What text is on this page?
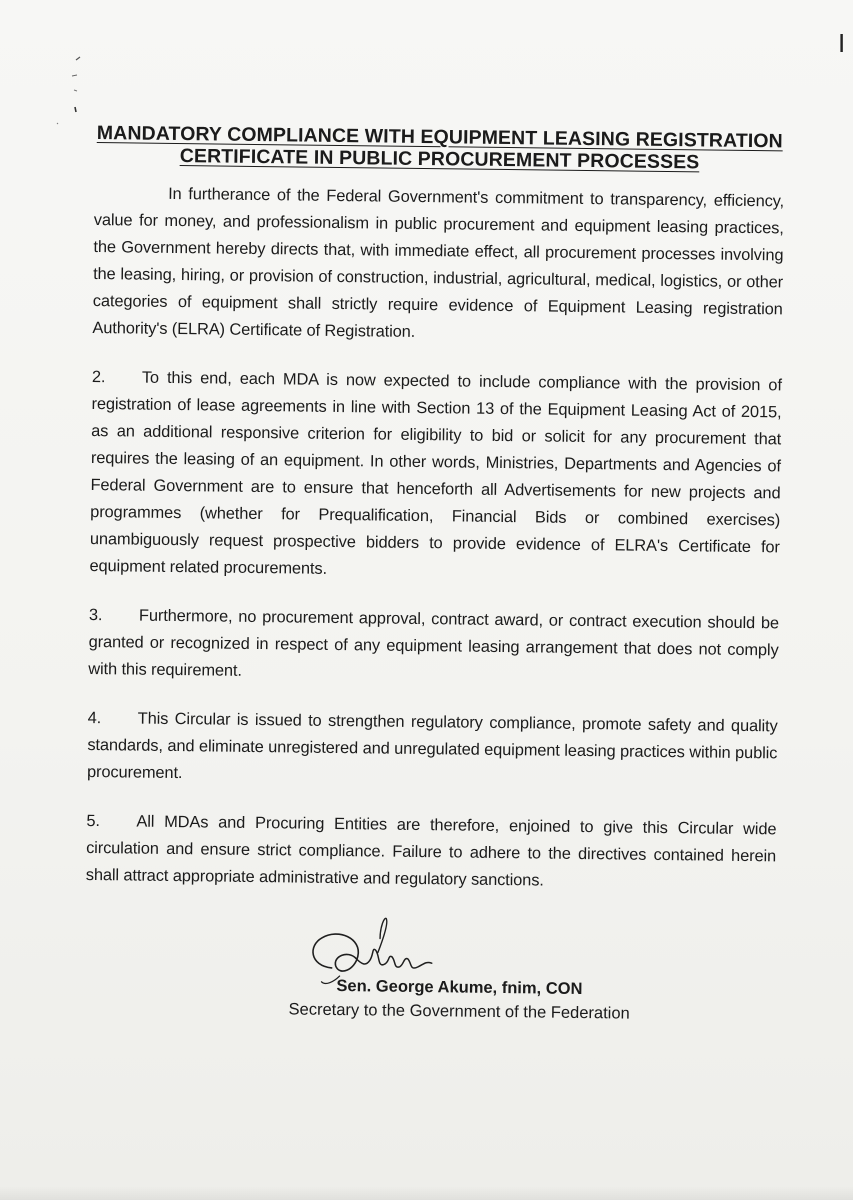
I
MANDATORY COMPLIANCE WITH EQUIPMENT LEASING REGISTRATION
CERTIFICATE IN PUBLIC PROCUREMENT PROCESSES

In furtherance of the Federal Government's commitment to transparency, efficiency, value for money, and professionalism in public procurement and equipment leasing practices, the Government hereby directs that, with immediate effect, all procurement processes involving the leasing, hiring, or provision of construction, industrial, agricultural, medical, logistics, or other categories of equipment shall strictly require evidence of Equipment Leasing registration Authority's (ELRA) Certificate of Registration.

2. To this end, each MDA is now expected to include compliance with the provision of registration of lease agreements in line with Section 13 of the Equipment Leasing Act of 2015, as an additional responsive criterion for eligibility to bid or solicit for any procurement that requires the leasing of an equipment. In other words, Ministries, Departments and Agencies of Federal Government are to ensure that henceforth all Advertisements for new projects and programmes (whether for Prequalification, Financial Bids or combined exercises) unambiguously request prospective bidders to provide evidence of ELRA's Certificate for equipment related procurements.

3. Furthermore, no procurement approval, contract award, or contract execution should be granted or recognized in respect of any equipment leasing arrangement that does not comply with this requirement.

4. This Circular is issued to strengthen regulatory compliance, promote safety and quality standards, and eliminate unregistered and unregulated equipment leasing practices within public procurement.

5. All MDAs and Procuring Entities are therefore, enjoined to give this Circular wide circulation and ensure strict compliance. Failure to adhere to the directives contained herein shall attract appropriate administrative and regulatory sanctions.

Sen. George Akume, fnim, CON
Secretary to the Government of the Federation
